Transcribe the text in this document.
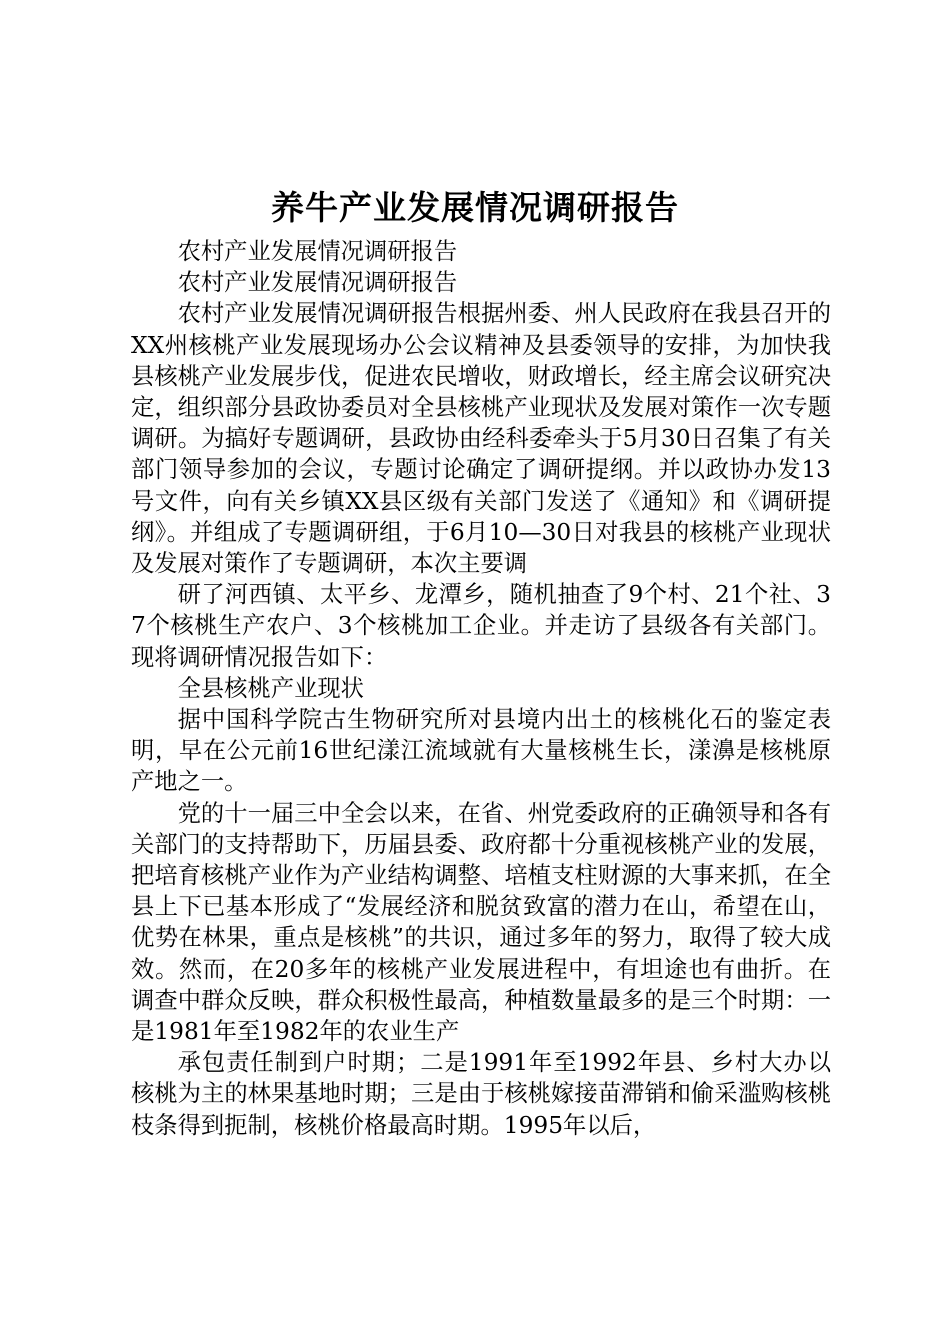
养牛产业发展情况调研报告

农村产业发展情况调研报告

农村产业发展情况调研报告

农村产业发展情况调研报告根据州委、州人民政府在我县召开的XX州核桃产业发展现场办公会议精神及县委领导的安排，为加快我县核桃产业发展步伐，促进农民增收，财政增长，经主席会议研究决定，组织部分县政协委员对全县核桃产业现状及发展对策作一次专题调研。为搞好专题调研，县政协由经科委牵头于5月30日召集了有关部门领导参加的会议，专题讨论确定了调研提纲。并以政协办发13号文件，向有关乡镇XX县区级有关部门发送了《通知》和《调研提纲》。并组成了专题调研组，于6月10—30日对我县的核桃产业现状及发展对策作了专题调研，本次主要调

研了河西镇、太平乡、龙潭乡，随机抽查了9个村、21个社、37个核桃生产农户、3个核桃加工企业。并走访了县级各有关部门。现将调研情况报告如下：

全县核桃产业现状

据中国科学院古生物研究所对县境内出土的核桃化石的鉴定表明，早在公元前16世纪漾江流域就有大量核桃生长，漾濞是核桃原产地之一。

党的十一届三中全会以来，在省、州党委政府的正确领导和各有关部门的支持帮助下，历届县委、政府都十分重视核桃产业的发展，把培育核桃产业作为产业结构调整、培植支柱财源的大事来抓，在全县上下已基本形成了“发展经济和脱贫致富的潜力在山，希望在山，优势在林果，重点是核桃”的共识，通过多年的努力，取得了较大成效。然而，在20多年的核桃产业发展进程中，有坦途也有曲折。在调查中群众反映，群众积极性最高，种植数量最多的是三个时期：一是1981年至1982年的农业生产

承包责任制到户时期；二是1991年至1992年县、乡村大办以核桃为主的林果基地时期；三是由于核桃嫁接苗滞销和偷采滥购核桃枝条得到扼制，核桃价格最高时期。1995年以后，
